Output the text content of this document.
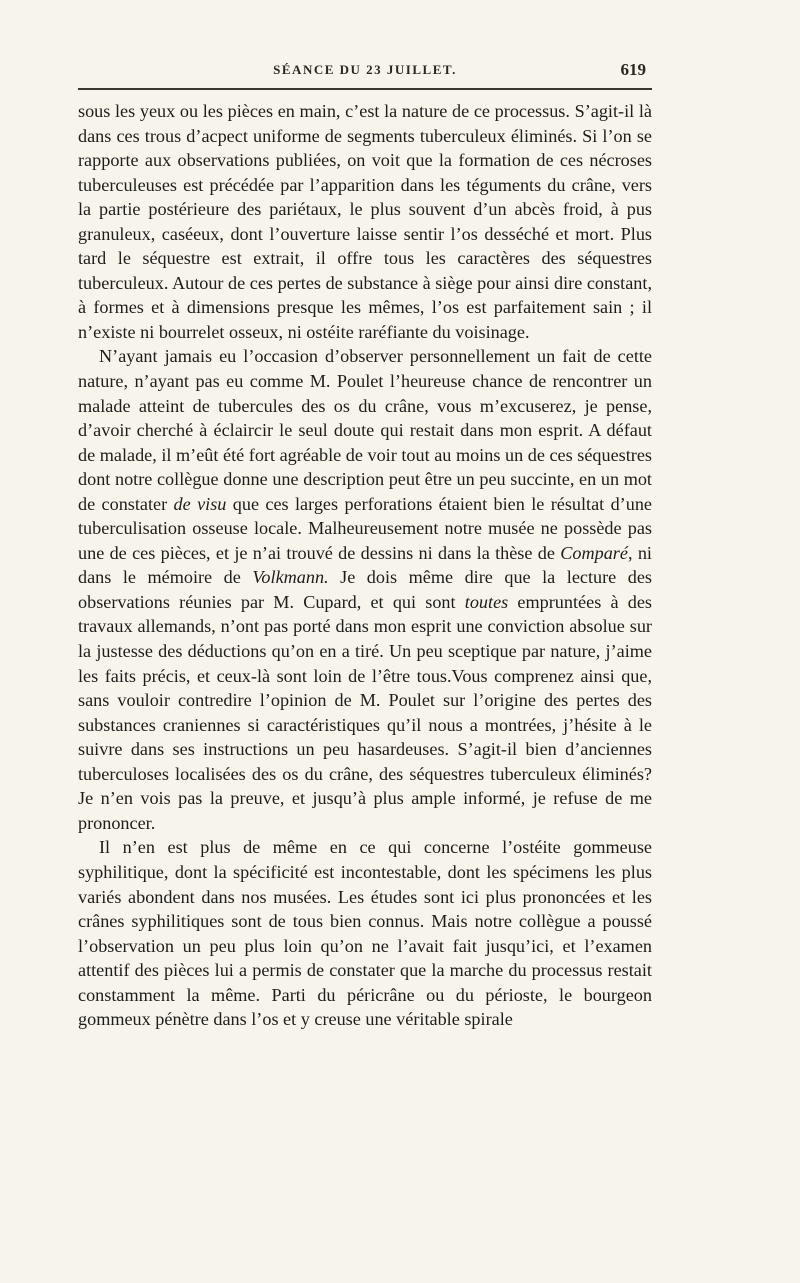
SÉANCE DU 23 JUILLET.	619

sous les yeux ou les pièces en main, c’est la nature de ce processus. S’agit-il là dans ces trous d’acpect uniforme de segments tuberculeux éliminés. Si l’on se rapporte aux observations publiées, on voit que la formation de ces nécroses tuberculeuses est précédée par l’apparition dans les téguments du crâne, vers la partie postérieure des pariétaux, le plus souvent d’un abcès froid, à pus granuleux, caséeux, dont l’ouverture laisse sentir l’os desséché et mort. Plus tard le séquestre est extrait, il offre tous les caractères des séquestres tuberculeux. Autour de ces pertes de substance à siège pour ainsi dire constant, à formes et à dimensions presque les mêmes, l’os est parfaitement sain ; il n’existe ni bourrelet osseux, ni ostéite raréfiante du voisinage.

N’ayant jamais eu l’occasion d’observer personnellement un fait de cette nature, n’ayant pas eu comme M. Poulet l’heureuse chance de rencontrer un malade atteint de tubercules des os du crâne, vous m’excuserez, je pense, d’avoir cherché à éclaircir le seul doute qui restait dans mon esprit. A défaut de malade, il m’eût été fort agréable de voir tout au moins un de ces séquestres dont notre collègue donne une description peut être un peu succinte, en un mot de constater de visu que ces larges perforations étaient bien le résultat d’une tuberculisation osseuse locale. Malheureusement notre musée ne possède pas une de ces pièces, et je n’ai trouvé de dessins ni dans la thèse de Comparé, ni dans le mémoire de Volkmann. Je dois même dire que la lecture des observations réunies par M. Cupard, et qui sont toutes empruntées à des travaux allemands, n’ont pas porté dans mon esprit une conviction absolue sur la justesse des déductions qu’on en a tiré. Un peu sceptique par nature, j’aime les faits précis, et ceux-là sont loin de l’être tous.Vous comprenez ainsi que, sans vouloir contredire l’opinion de M. Poulet sur l’origine des pertes des substances craniennes si caractéristiques qu’il nous a montrées, j’hésite à le suivre dans ses instructions un peu hasardeuses. S’agit-il bien d’anciennes tuberculoses localisées des os du crâne, des séquestres tuberculeux éliminés? Je n’en vois pas la preuve, et jusqu’à plus ample informé, je refuse de me prononcer.

Il n’en est plus de même en ce qui concerne l’ostéite gommeuse syphilitique, dont la spécificité est incontestable, dont les spécimens les plus variés abondent dans nos musées. Les études sont ici plus prononcées et les crânes syphilitiques sont de tous bien connus. Mais notre collègue a poussé l’observation un peu plus loin qu’on ne l’avait fait jusqu’ici, et l’examen attentif des pièces lui a permis de constater que la marche du processus restait constamment la même. Parti du péricrâne ou du périoste, le bourgeon gommeux pénètre dans l’os et y creuse une véritable spirale
